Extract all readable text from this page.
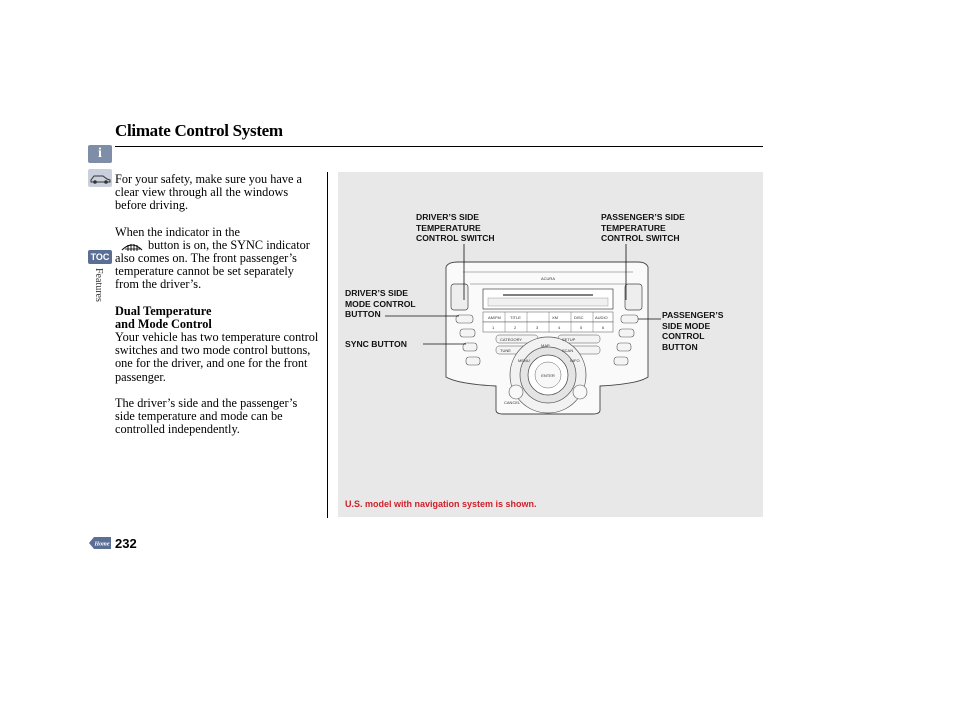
Climate Control System
i
TOC
Features

For your safety, make sure you have a clear view through all the windows before driving.

When the indicator in the
button is on, the SYNC indicator also comes on. The front passenger’s temperature cannot be set separately from the driver’s.

Dual Temperature
and Mode Control

Your vehicle has two temperature control switches and two mode control buttons, one for the driver, and one for the front passenger.

The driver’s side and the passenger’s side temperature and mode can be controlled independently.

ACURA
AM/FM TITLE	XM	DISC	AUDIO
1	2	3	4	5	6
CATEGORY
TUNE
SETUP
SCAN
ENTER
CANCEL
MAP
INFO
MENU
DRIVER’S SIDE
TEMPERATURE
CONTROL SWITCH
PASSENGER’S SIDE
TEMPERATURE
CONTROL SWITCH
DRIVER’S SIDE
MODE CONTROL
BUTTON
SYNC BUTTON
PASSENGER’S
SIDE MODE
CONTROL
BUTTON
U.S. model with navigation system is shown.
Home 232
